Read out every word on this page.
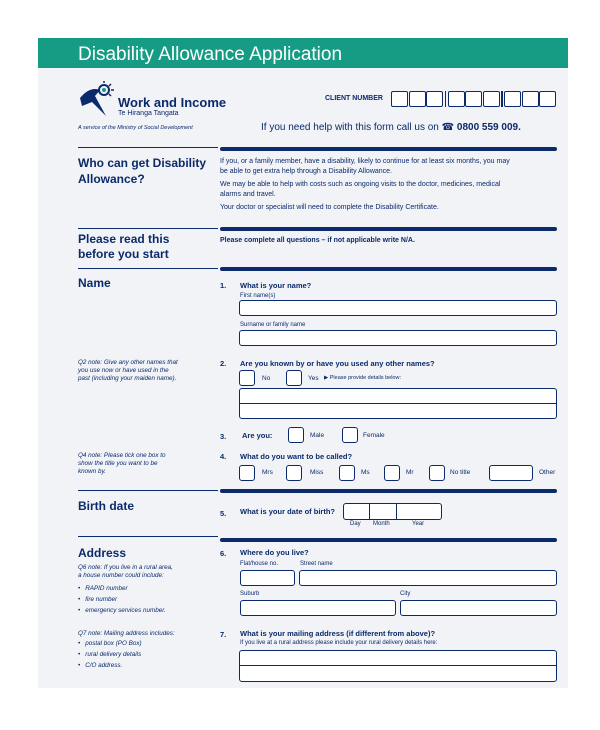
Disability Allowance Application
Work and Income
Te Hiranga Tangata
A service of the Ministry of Social Development
CLIENT NUMBER
If you need help with this form call us on ☎ 0800 559 009.
Who can get Disability Allowance?
If you, or a family member, have a disability, likely to continue for at least six months, you may
be able to get extra help through a Disability Allowance.
We may be able to help with costs such as ongoing visits to the doctor, medicines, medical
alarms and travel.
Your doctor or specialist will need to complete the Disability Certificate.
Please read this
before you start
Please complete all questions – if not applicable write N/A.
Name	1. What is your name?
First name(s)
Surname or family name
Q2 note: Give any other names that
you use now or have used in the
past (including your maiden name).
2. Are you known by or have you used any other names?
No	Yes ▶ Please provide details below:
3. Are you:	Male	Female
Q4 note: Please tick one box to
show the title you want to be
known by.
4. What do you want to be called?
Mrs	Miss	Ms	Mr	No title	Other
Birth date
5. What is your date of birth?
Day Month	Year
Address
Q6 note: If you live in a rural area,
a house number could include:
• RAPID number
• fire number
• emergency services number.
Q7 note: Mailing address includes:
• postal box (PO Box)
• rural delivery details
• C/O address.
6. Where do you live?
Flat/house no.	Street name
Suburb	City
7. What is your mailing address (if different from above)?
If you live at a rural address please include your rural delivery details here:
